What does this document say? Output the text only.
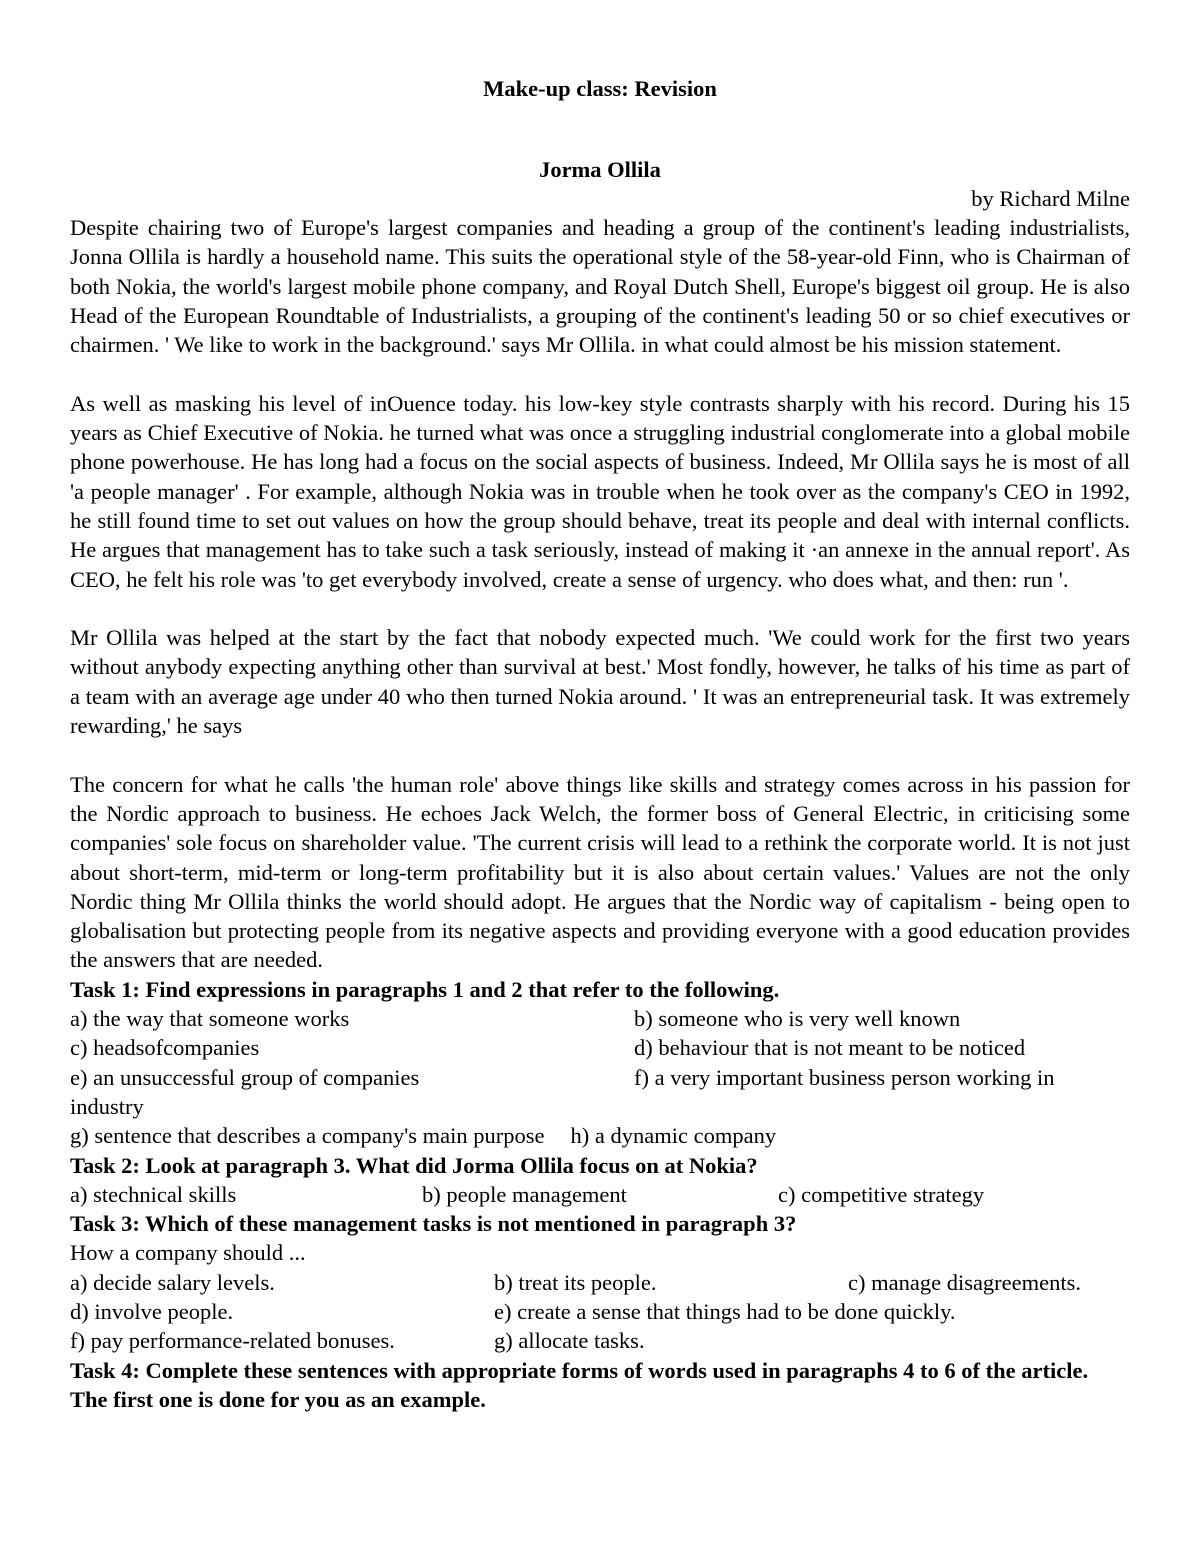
Make-up class: Revision
Jorma Ollila
by Richard Milne

Despite chairing two of Europe's largest companies and heading a group of the continent's leading industrialists, Jonna Ollila is hardly a household name. This suits the operational style of the 58-year-old Finn, who is Chairman of both Nokia, the world's largest mobile phone company, and Royal Dutch Shell, Europe's biggest oil group. He is also Head of the European Roundtable of Industrialists, a grouping of the continent's leading 50 or so chief executives or chairmen. ' We like to work in the background.' says Mr Ollila. in what could almost be his mission statement.

As well as masking his level of inOuence today. his low-key style contrasts sharply with his record. During his 15 years as Chief Executive of Nokia. he turned what was once a struggling industrial conglomerate into a global mobile phone powerhouse. He has long had a focus on the social aspects of business. Indeed, Mr Ollila says he is most of all 'a people manager' . For example, although Nokia was in trouble when he took over as the company's CEO in 1992, he still found time to set out values on how the group should behave, treat its people and deal with internal conflicts. He argues that management has to take such a task seriously, instead of making it ·an annexe in the annual report'. As CEO, he felt his role was 'to get everybody involved, create a sense of urgency. who does what, and then: run '.

Mr Ollila was helped at the start by the fact that nobody expected much. 'We could work for the first two years without anybody expecting anything other than survival at best.' Most fondly, however, he talks of his time as part of a team with an average age under 40 who then turned Nokia around. ' It was an entrepreneurial task. It was extremely rewarding,' he says

The concern for what he calls 'the human role' above things like skills and strategy comes across in his passion for the Nordic approach to business. He echoes Jack Welch, the former boss of General Electric, in criticising some companies' sole focus on shareholder value. 'The current crisis will lead to a rethink the corporate world. It is not just about short-term, mid-term or long-term profitability but it is also about certain values.' Values are not the only Nordic thing Mr Ollila thinks the world should adopt. He argues that the Nordic way of capitalism - being open to globalisation but protecting people from its negative aspects and providing everyone with a good education provides the answers that are needed.

Task 1: Find expressions in paragraphs 1 and 2 that refer to the following.
a) the way that someone works	b) someone who is very well known
c) headsofcompanies	d) behaviour that is not meant to be noticed
e) an unsuccessful group of companies	f) a very important business person working in
industry
g) sentence that describes a company's main purpose h) a dynamic company
Task 2: Look at paragraph 3. What did Jorma Ollila focus on at Nokia?
a) stechnical skills	b) people management	c) competitive strategy
Task 3: Which of these management tasks is not mentioned in paragraph 3?
How a company should ...
a) decide salary levels.	b) treat its people.	c) manage disagreements.
d) involve people.	e) create a sense that things had to be done quickly.
f) pay performance-related bonuses.	g) allocate tasks.
Task 4: Complete these sentences with appropriate forms of words used in paragraphs 4 to 6 of the article. The first one is done for you as an example.
